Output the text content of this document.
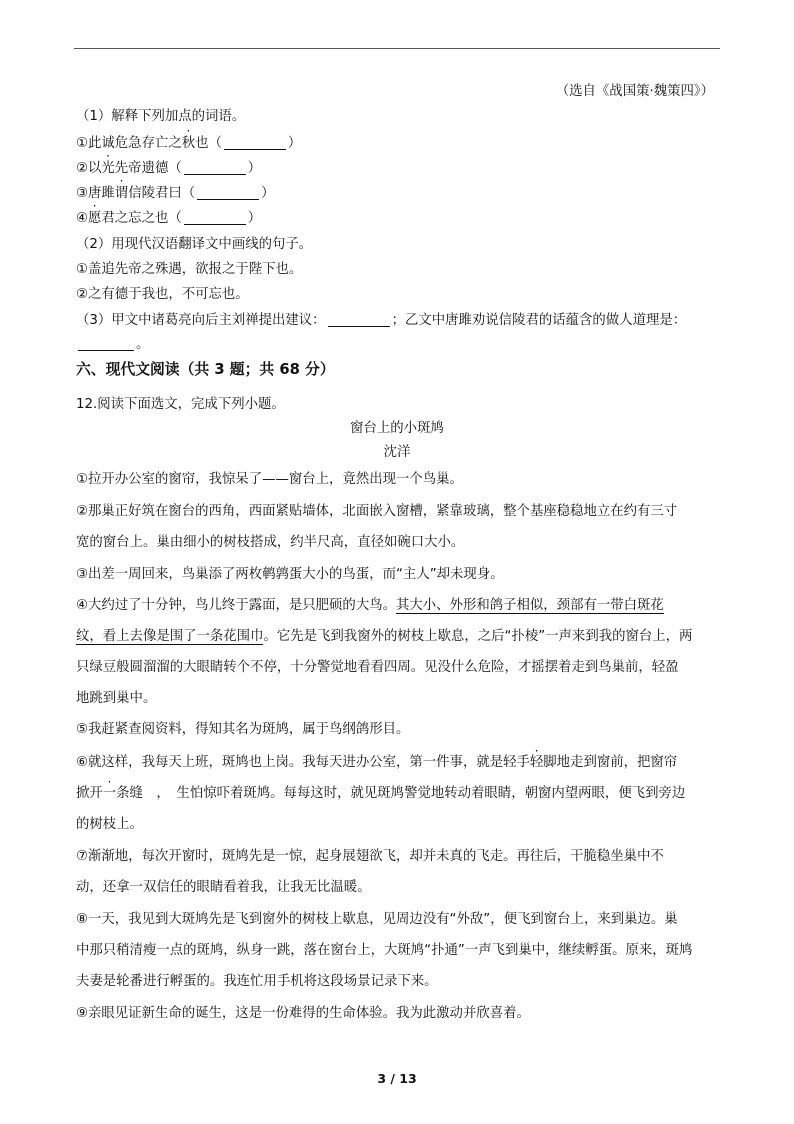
（选自《战国策·魏策四》）
（1）解释下列加点的词语。
①此诚危急存亡之秋也（	）
②以光先帝遗德（	）
③唐雎谓信陵君曰（	）
④愿君之忘之也（	）
（2）用现代汉语翻译文中画线的句子。
①盖追先帝之殊遇，欲报之于陛下也。
②之有德于我也，不可忘也。
（3）甲文中诸葛亮向后主刘禅提出建议：	；乙文中唐雎劝说信陵君的话蕴含的做人道理是：
。
六、现代文阅读（共 3 题；共 68 分）
12.阅读下面选文，完成下列小题。
窗台上的小斑鸠
沈洋
①拉开办公室的窗帘，我惊呆了——窗台上，竟然出现一个鸟巢。
②那巢正好筑在窗台的西角，西面紧贴墙体，北面嵌入窗槽，紧靠玻璃，整个基座稳稳地立在约有三寸
宽的窗台上。巢由细小的树枝搭成，约半尺高，直径如碗口大小。
③出差一周回来，鸟巢添了两枚鹌鹑蛋大小的鸟蛋，而“主人”却未现身。
④大约过了十分钟，鸟儿终于露面，是只肥硕的大鸟。其大小、外形和鸽子相似，颈部有一带白斑花
纹，看上去像是围了一条花围巾。它先是飞到我窗外的树枝上歇息，之后“扑棱”一声来到我的窗台上，两
只绿豆般圆溜溜的大眼睛转个不停，十分警觉地看看四周。见没什么危险，才摇摆着走到鸟巢前，轻盈
地跳到巢中。
⑤我赶紧查阅资料，得知其名为斑鸠，属于鸟纲鸽形目。
⑥就这样，我每天上班，斑鸠也上岗。我每天进办公室，第一件事，就是轻手轻脚地 ·走到窗前，把窗帘
掀开一条缝 ·　，　生怕惊吓着斑鸠。每每这时，就见斑鸠警觉地转动着眼睛，朝窗内望两眼，便飞到旁边
的树枝上。
⑦渐渐地，每次开窗时，斑鸠先是一惊，起身展翅欲飞，却并未真的飞走。再往后，干脆稳坐巢中不
动，还拿一双信任的眼睛看着我，让我无比温暖。
⑧一天，我见到大斑鸠先是飞到窗外的树枝上歇息，见周边没有“外敌”，便飞到窗台上，来到巢边。巢
中那只稍清瘦一点的斑鸠，纵身一跳，落在窗台上，大斑鸠“扑通”一声飞到巢中，继续孵蛋。原来，斑鸠
夫妻是轮番进行孵蛋的。我连忙用手机将这段场景记录下来。
⑨亲眼见证新生命的诞生，这是一份难得的生命体验。我为此激动并欣喜着。
3 / 13
